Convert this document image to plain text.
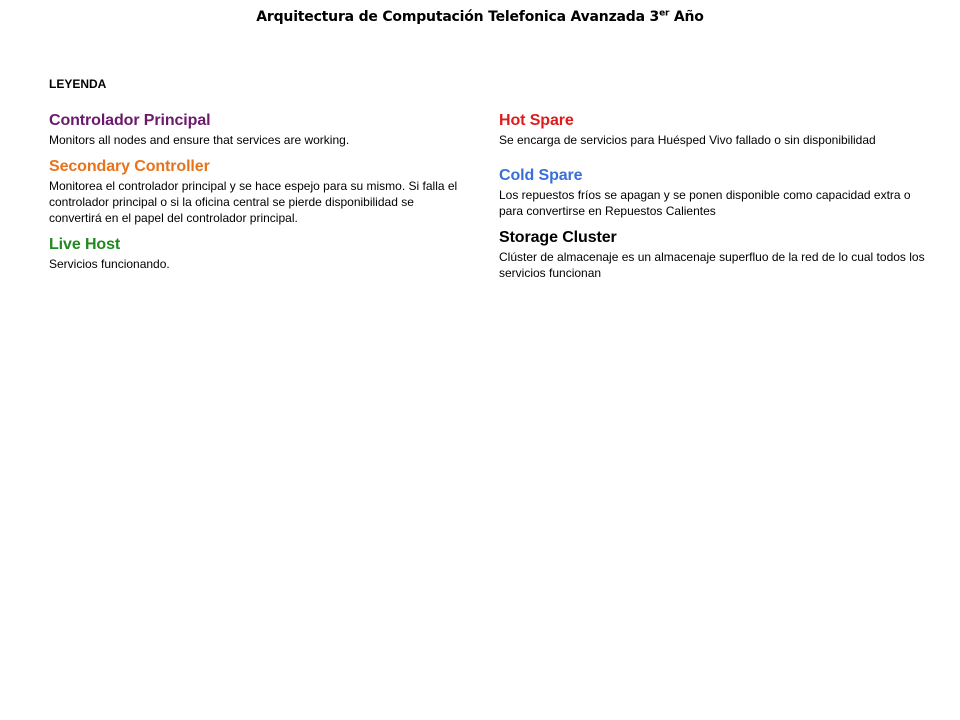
Arquitectura de Computación Telefonica Avanzada 3er Año
LEYENDA

Controlador Principal

Monitors all nodes and ensure that services are working.

Secondary Controller

Monitorea el controlador principal y se hace espejo para su mismo. Si falla el controlador principal o si la oficina central se pierde disponibilidad se convertirá en el papel del controlador principal.

Live Host

Servicios funcionando.

Hot Spare

Se encarga de servicios para Huésped Vivo fallado o sin disponibilidad

Cold Spare

Los repuestos fríos se apagan y se ponen disponible como capacidad extra o para convertirse en Repuestos Calientes

Storage Cluster

Clúster de almacenaje es un almacenaje superfluo de la red de lo cual todos los servicios funcionan
